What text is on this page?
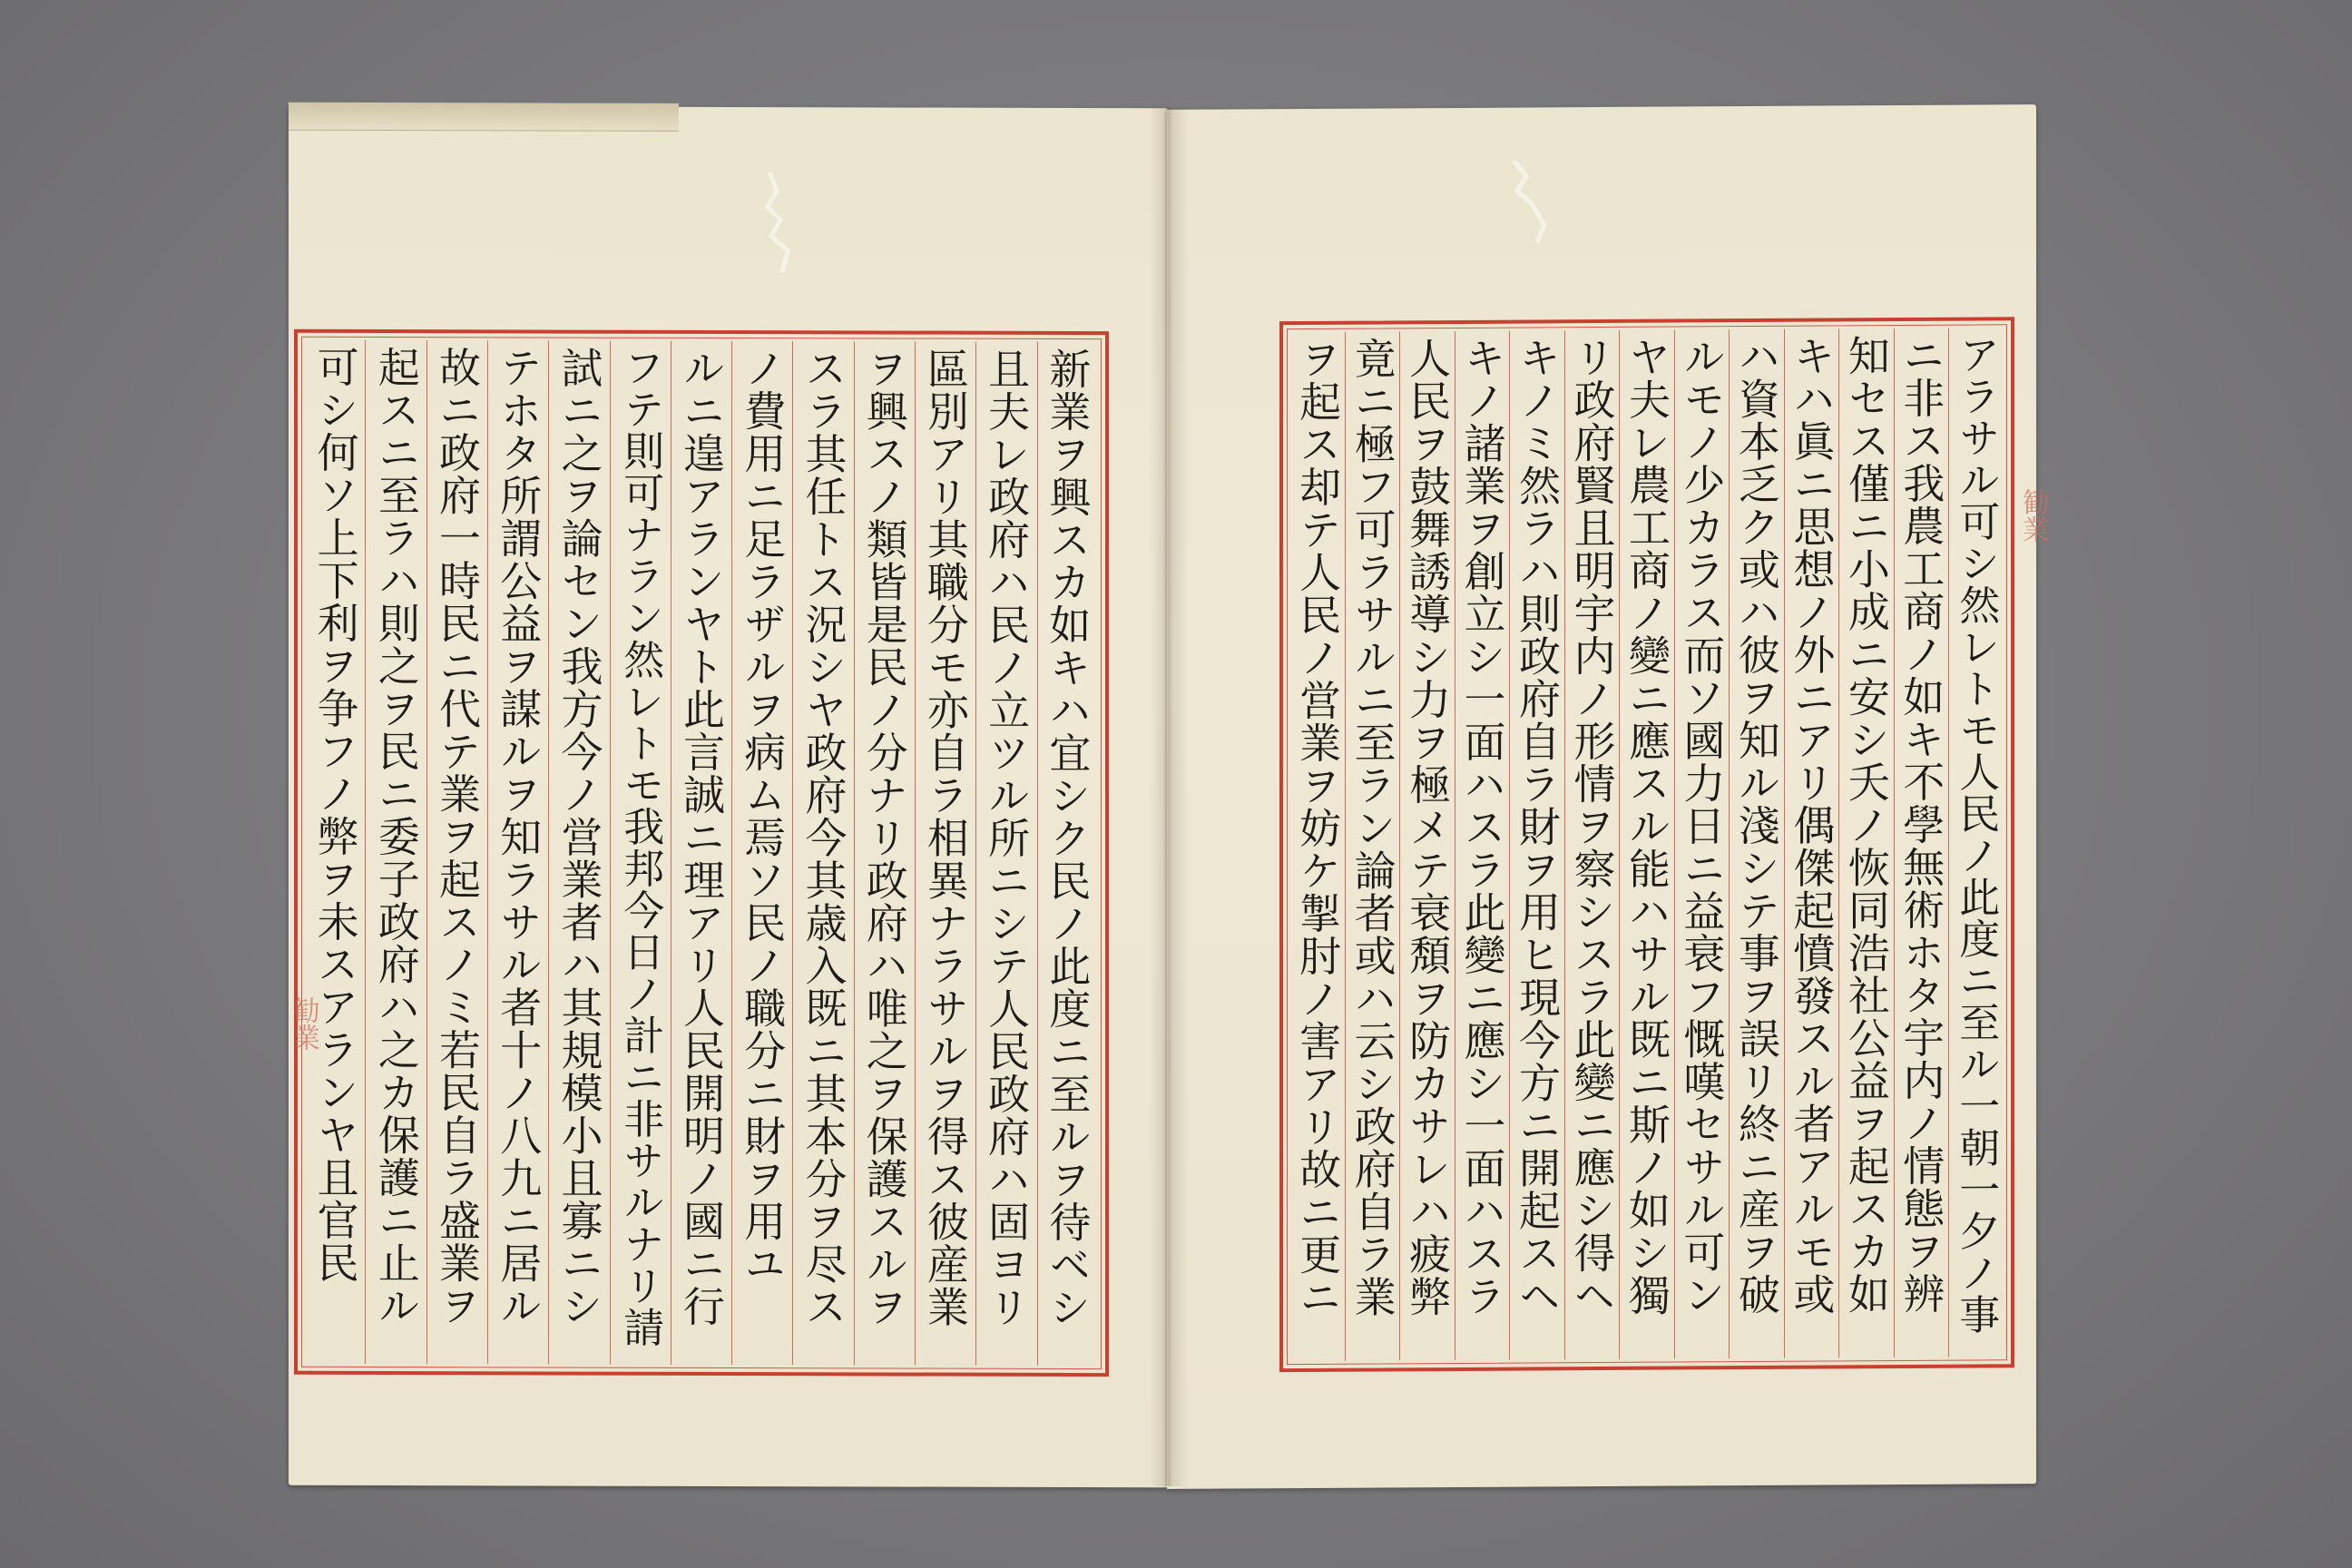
新業ヲ興スカ如キハ宜シク民ノ此度ニ至ルヲ待ベシ
且夫レ政府ハ民ノ立ツル所ニシテ人民政府ハ固ヨリ
區別アリ其職分モ亦自ラ相異ナラサルヲ得ス彼産業
ヲ興スノ類皆是民ノ分ナリ政府ハ唯之ヲ保護スルヲ
スラ其任トス況シヤ政府今其歳入既ニ其本分ヲ尽ス
ノ費用ニ足ラザルヲ病ム焉ソ民ノ職分ニ財ヲ用ユ
ルニ遑アランヤト此言誠ニ理アリ人民開明ノ國ニ行
フテ則可ナラン然レトモ我邦今日ノ計ニ非サルナリ請
試ニ之ヲ論セン我方今ノ営業者ハ其規模小且寡ニシ
テホタ所謂公益ヲ謀ルヲ知ラサル者十ノ八九ニ居ル
故ニ政府一時民ニ代テ業ヲ起スノミ若民自ラ盛業ヲ
起スニ至ラハ則之ヲ民ニ委子政府ハ之カ保護ニ止ル
可シ何ソ上下利ヲ争フノ弊ヲ未スアランヤ且官民	アラサル可シ然レトモ人民ノ此度ニ至ル一朝一夕ノ事
ニ非ス我農工商ノ如キ不學無術ホタ宇内ノ情態ヲ辨
知セス僅ニ小成ニ安シ夭ノ恢同浩社公益ヲ起スカ如
キハ眞ニ思想ノ外ニアリ偶傑起憤發スル者アルモ或
ハ資本乏ク或ハ彼ヲ知ル淺シテ事ヲ誤リ終ニ産ヲ破
ルモノ少カラス而ソ國力日ニ益衰フ慨嘆セサル可ン
ヤ夫レ農工商ノ變ニ應スル能ハサル既ニ斯ノ如シ獨
リ政府賢且明宇内ノ形情ヲ察シスラ此變ニ應シ得ヘ
キノミ然ラハ則政府自ラ財ヲ用ヒ現今方ニ開起スヘ
キノ諸業ヲ創立シ一面ハスラ此變ニ應シ一面ハスラ
人民ヲ鼓舞誘導シ力ヲ極メテ衰頽ヲ防カサレハ疲弊
竟ニ極フ可ラサルニ至ラン論者或ハ云シ政府自ラ業
ヲ起ス却テ人民ノ営業ヲ妨ケ掣肘ノ害アリ故ニ更ニ
勧業
勧業
